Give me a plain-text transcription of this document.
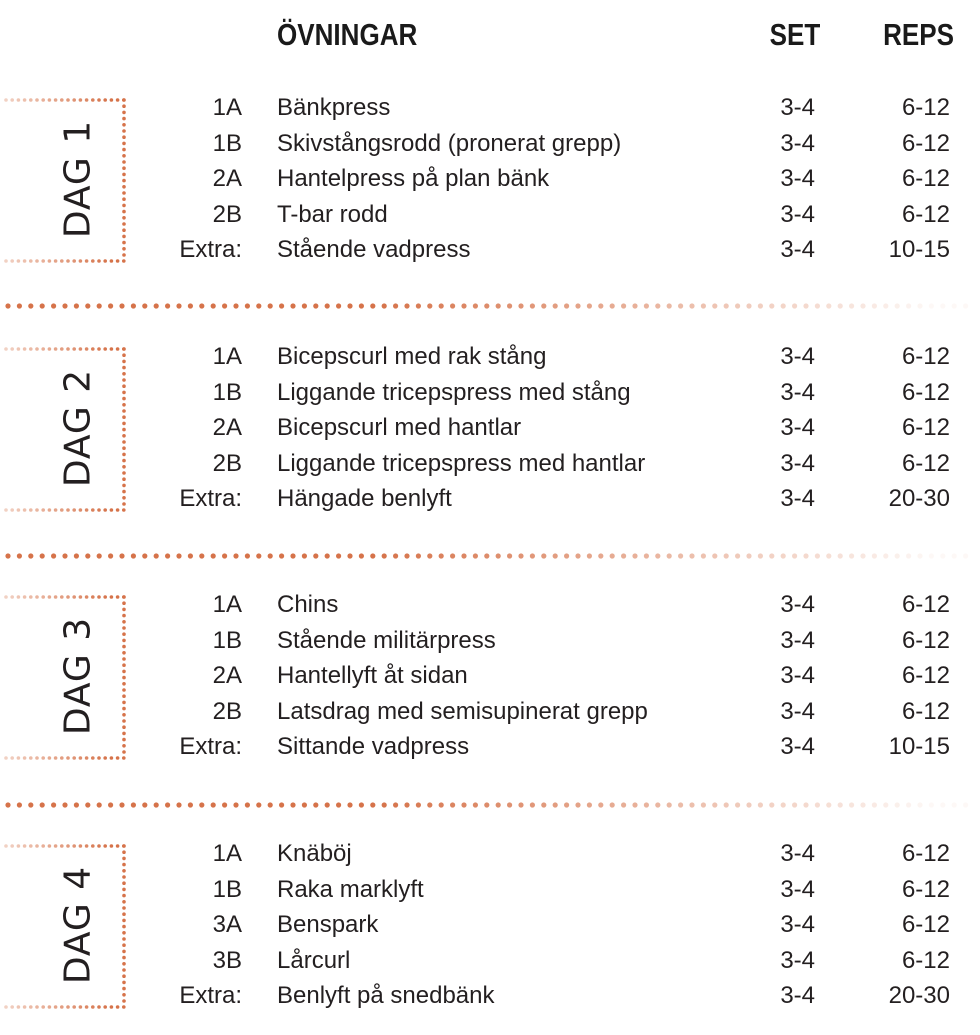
ÖVNINGAR	SET REPS
DAG 1
1A Bänkpress	3-4	6-12
1B Skivstångsrodd (pronerat grepp)	3-4	6-12
2A Hantelpress på plan bänk	3-4	6-12
2B T-bar rodd	3-4	6-12
Extra: Stående vadpress	3-4	10-15
DAG 2
1A Bicepscurl med rak stång	3-4	6-12
1B Liggande tricepspress med stång	3-4	6-12
2A Bicepscurl med hantlar	3-4	6-12
2B Liggande tricepspress med hantlar	3-4	6-12
Extra: Hängade benlyft	3-4	20-30
DAG 3
1A Chins	3-4	6-12
1B Stående militärpress	3-4	6-12
2A Hantellyft åt sidan	3-4	6-12
2B Latsdrag med semisupinerat grepp	3-4	6-12
Extra: Sittande vadpress	3-4	10-15
DAG 4
1A Knäböj	3-4	6-12
1B Raka marklyft	3-4	6-12
3A Benspark	3-4	6-12
3B Lårcurl	3-4	6-12
Extra: Benlyft på snedbänk	3-4	20-30
